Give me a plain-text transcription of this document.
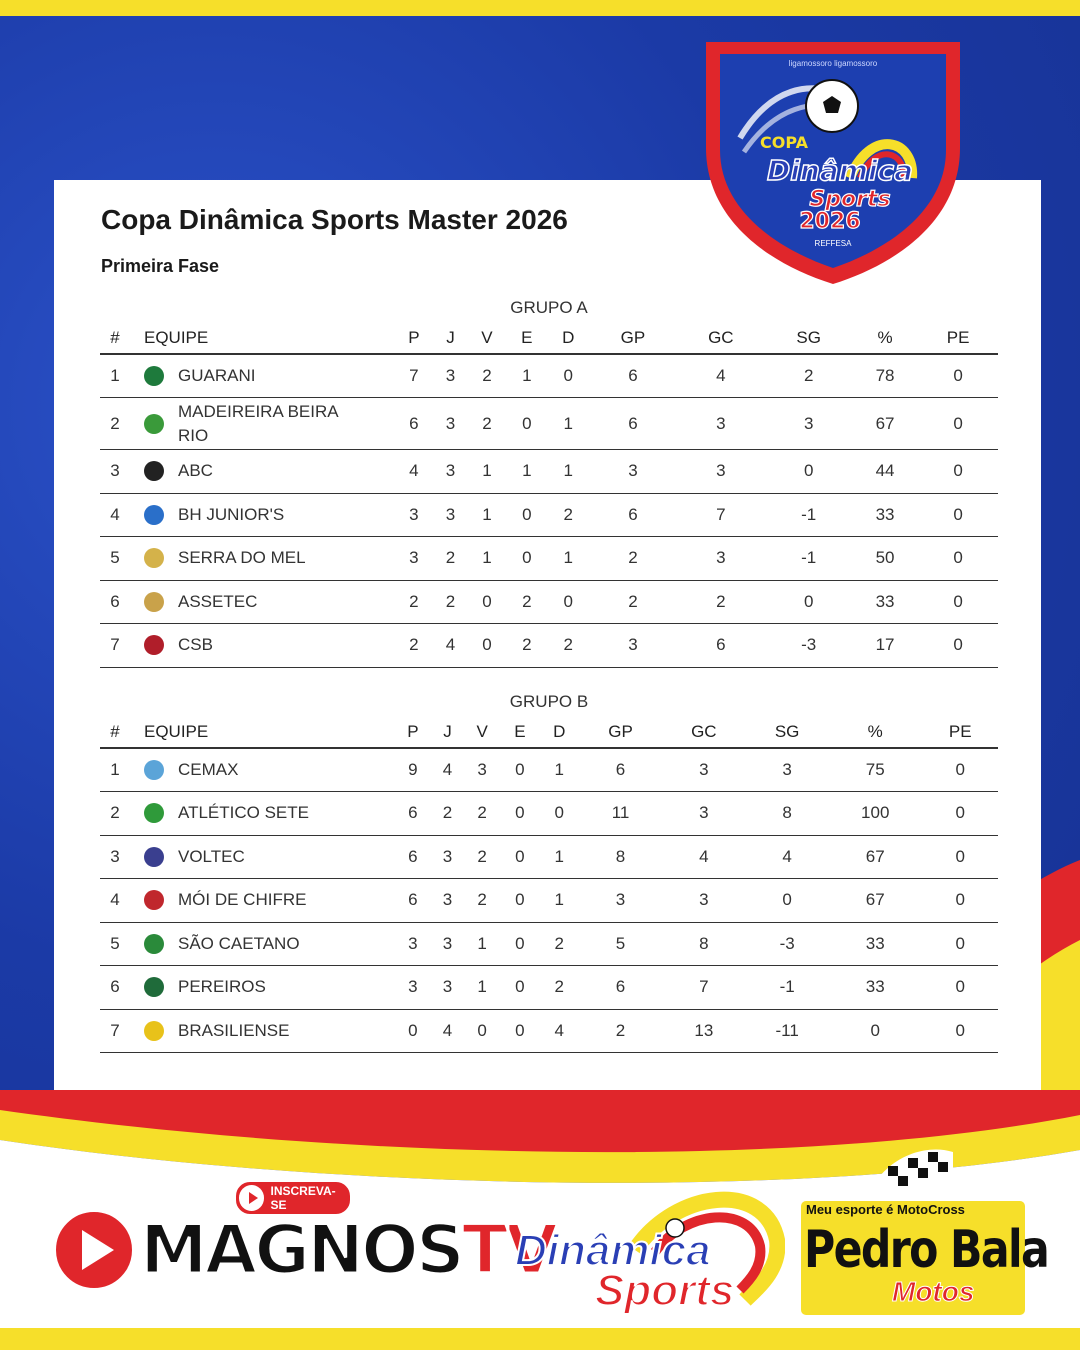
Copa Dinâmica Sports Master 2026
Primeira Fase
GRUPO A
#	EQUIPE	P	J	V	E	D	GP	GC	SG	%	PE
1	GUARANI	7	3	2	1	0	6	4	2	78	0
2	MADEIREIRA BEIRA RIO	6	3	2	0	1	6	3	3	67	0
3	ABC	4	3	1	1	1	3	3	0	44	0
4	BH JUNIOR'S	3	3	1	0	2	6	7	-1	33	0
5	SERRA DO MEL	3	2	1	0	1	2	3	-1	50	0
6	ASSETEC	2	2	0	2	0	2	2	0	33	0
7	CSB	2	4	0	2	2	3	6	-3	17	0
GRUPO B
#	EQUIPE	P	J	V	E	D	GP	GC	SG	%	PE
1	CEMAX	9	4	3	0	1	6	3	3	75	0
2	ATLÉTICO SETE	6	2	2	0	0	11	3	8	100	0
3	VOLTEC	6	3	2	0	1	8	4	4	67	0
4	MÓI DE CHIFRE	6	3	2	0	1	3	3	0	67	0
5	SÃO CAETANO	3	3	1	0	2	5	8	-3	33	0
6	PEREIROS	3	3	1	0	2	6	7	-1	33	0
7	BRASILIENSE	0	4	0	0	4	2	13	-11	0	0
ligamossoro ligamossoro
COPA
Dinâmica
Sports
2026
REFFESA
INSCREVA-SE
MAGNOSTV
Dinâmica
Sports
Meu esporte é MotoCross
Pedro Bala
Motos
